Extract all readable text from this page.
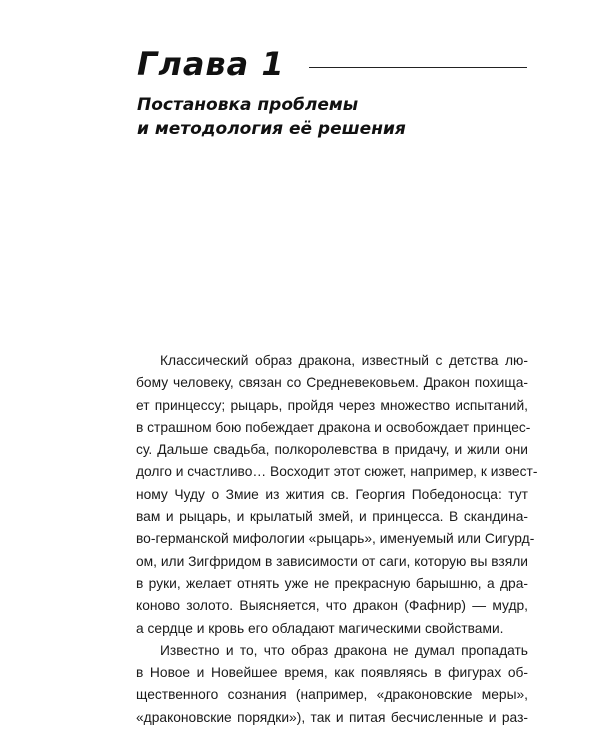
Глава 1
Постановка проблемы
и методология её решения
Классический образ дракона, известный с детства лю-
бому человеку, связан со Средневековьем. Дракон похища-
ет принцессу; рыцарь, пройдя через множество испытаний,
в страшном бою побеждает дракона и освобождает принцес-
су. Дальше свадьба, полкоролевства в придачу, и жили они
долго и счастливо… Восходит этот сюжет, например, к извест-
ному Чуду о Змие из жития св. Георгия Победоносца: тут
вам и рыцарь, и крылатый змей, и принцесса. В скандина-
во-германской мифологии «рыцарь», именуемый или Сигурд-
ом, или Зигфридом в зависимости от саги, которую вы взяли
в руки, желает отнять уже не прекрасную барышню, а дра-
коново золото. Выясняется, что дракон (Фафнир) — мудр,
а сердце и кровь его обладают магическими свойствами.
Известно и то, что образ дракона не думал пропадать
в Новое и Новейшее время, как появляясь в фигурах об-
щественного сознания (например, «драконовские меры»,
«драконовские порядки»), так и питая бесчисленные и раз-
